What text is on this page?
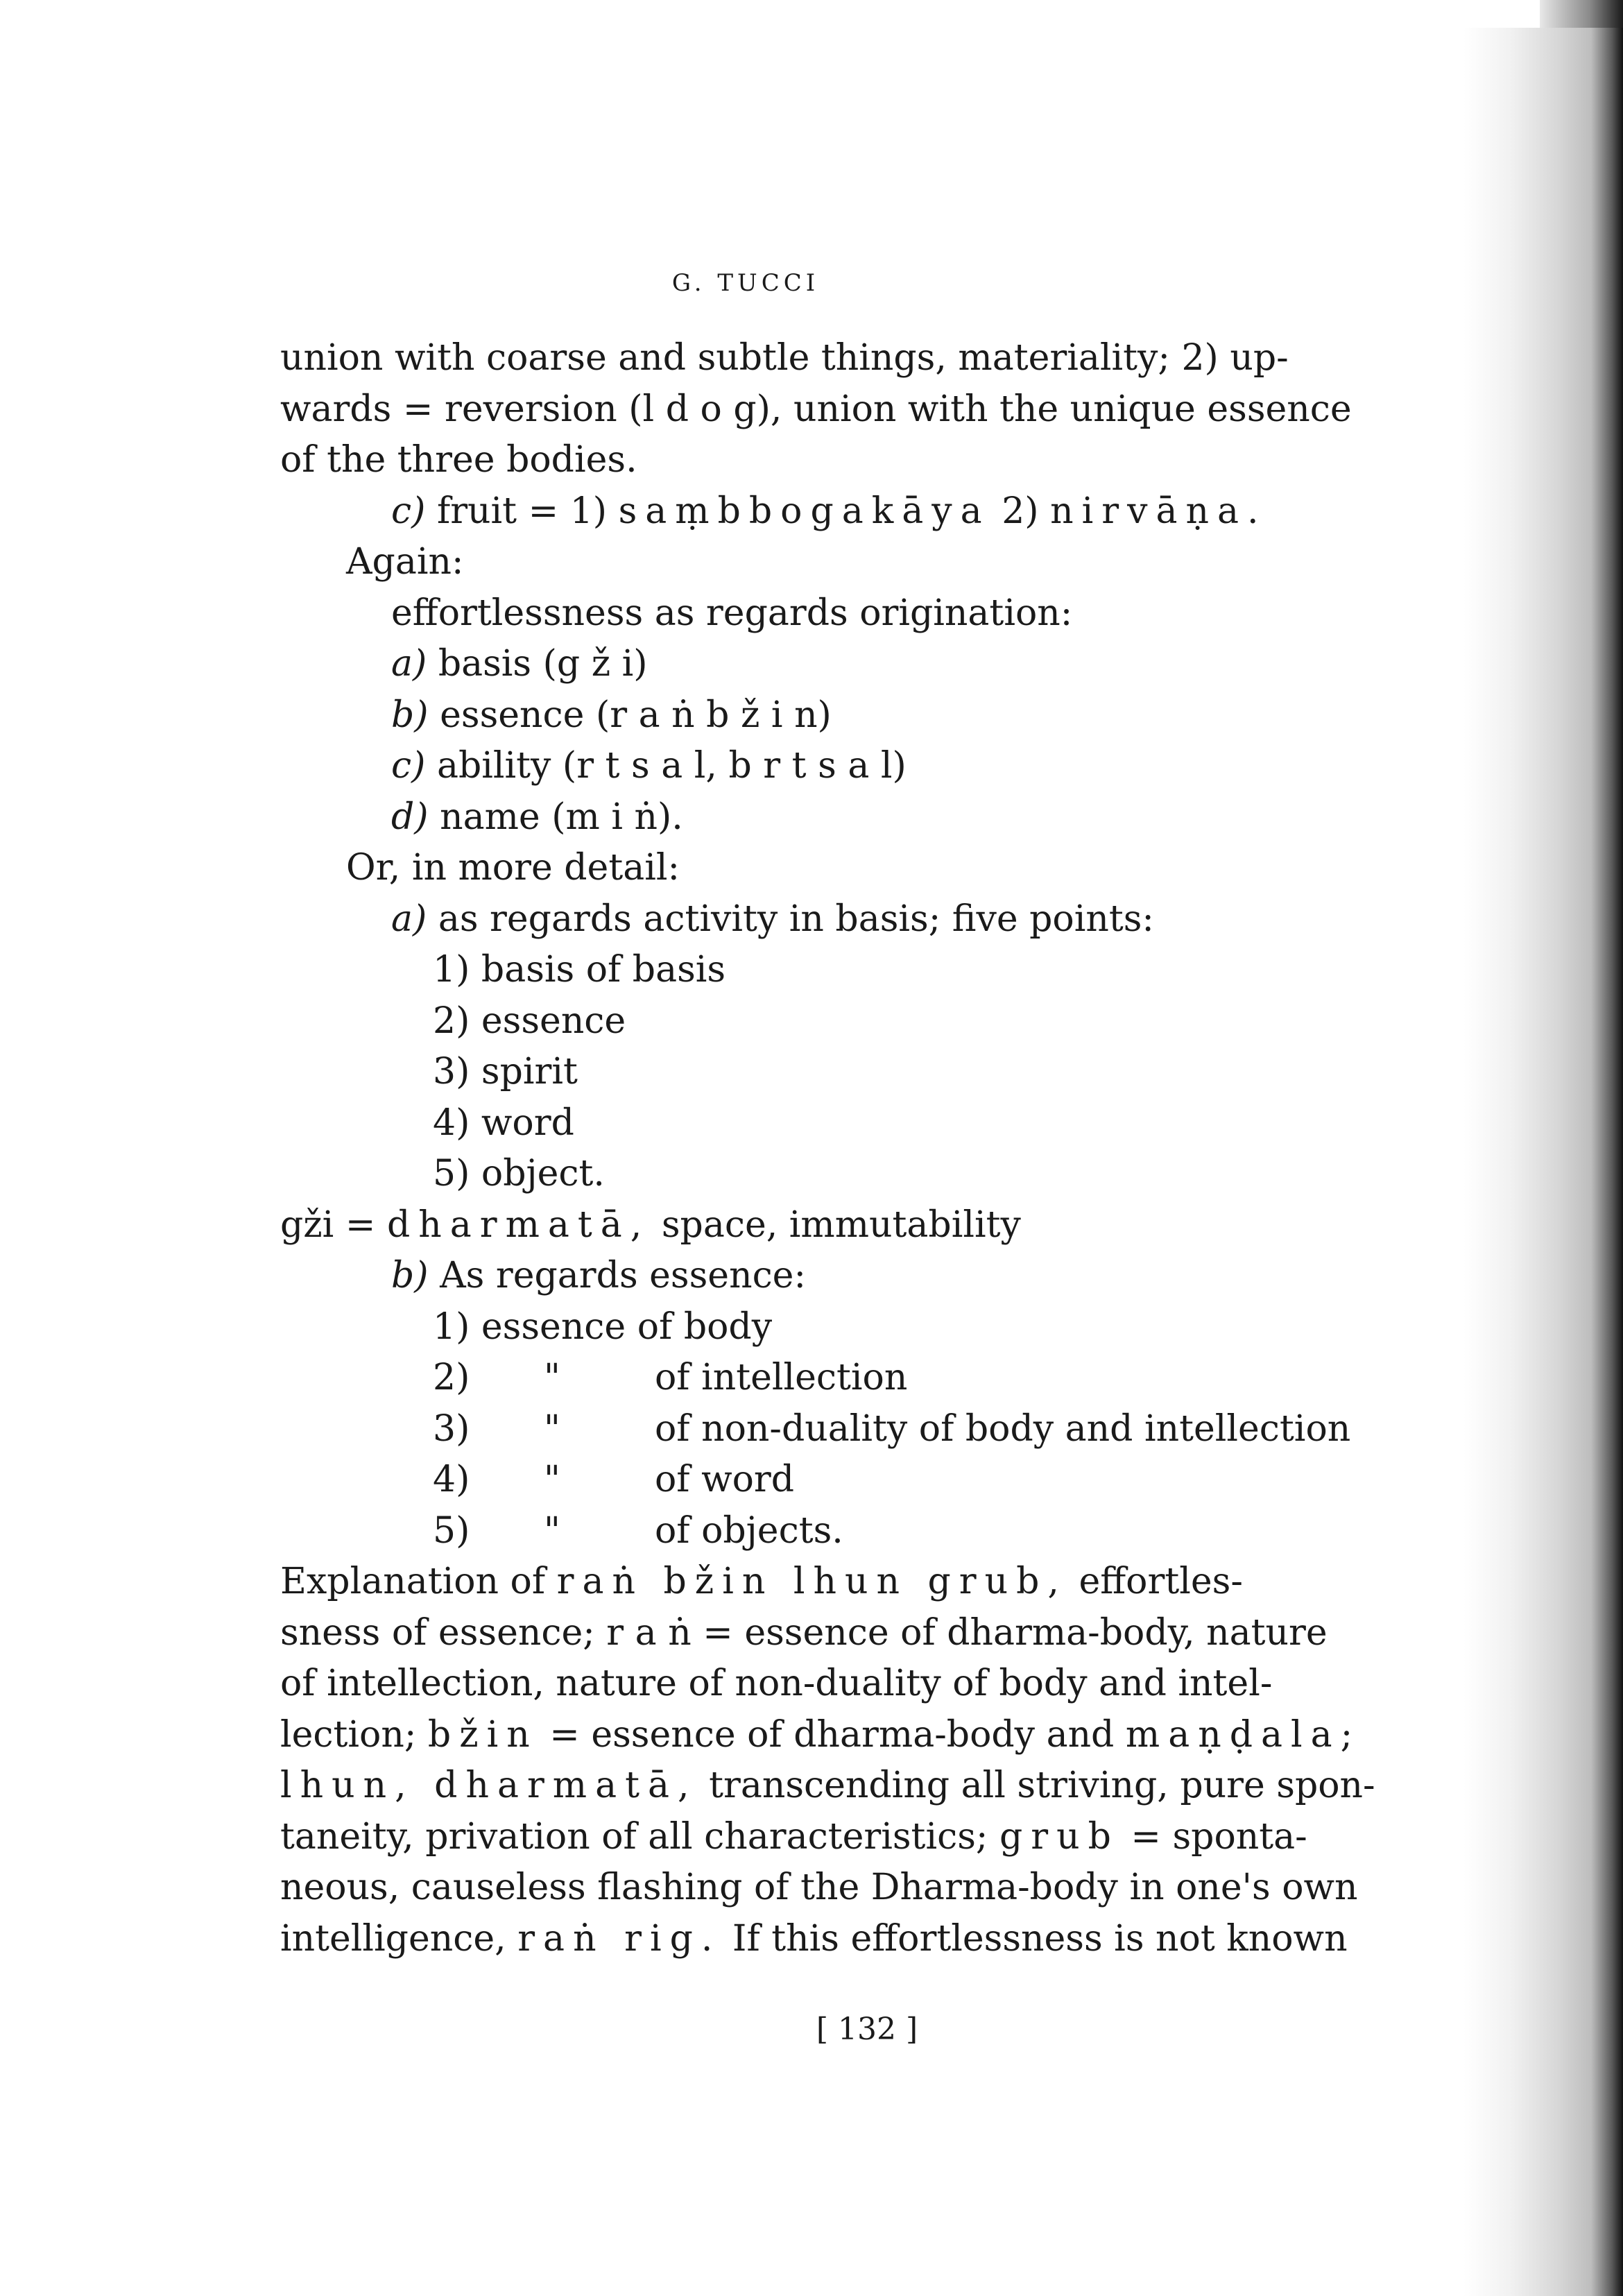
G. TUCCI
union with coarse and subtle things, materiality; 2) up-
wards = reversion (l d o g), union with the unique essence
of the three bodies.
c) fruit = 1) saṃbbogakāya 2) nirvāṇa.
Again:
effortlessness as regards origination:
a) basis (g ž i)
b) essence (r a ṅ b ž i n)
c) ability (r t s a l, b r t s a l)
d) name (m i ṅ).
Or, in more detail:
a) as regards activity in basis; five points:
1) basis of basis
2) essence
3) spirit
4) word
5) object.
gži = dharmatā, space, immutability
b) As regards essence:
1) essence of body
2) "	of intellection
3) "	of non-duality of body and intellection
4) "	of word
5) "	of objects.
Explanation of raṅ bžin lhun grub, effortles-
sness of essence; r a ṅ = essence of dharma-body, nature
of intellection, nature of non-duality of body and intel-
lection; bžin = essence of dharma-body and maṇḍala;
lhun, dharmatā, transcending all striving, pure spon-
taneity, privation of all characteristics; grub = sponta-
neous, causeless flashing of the Dharma-body in one's own
intelligence, raṅ rig. If this effortlessness is not known
[ 132 ]
